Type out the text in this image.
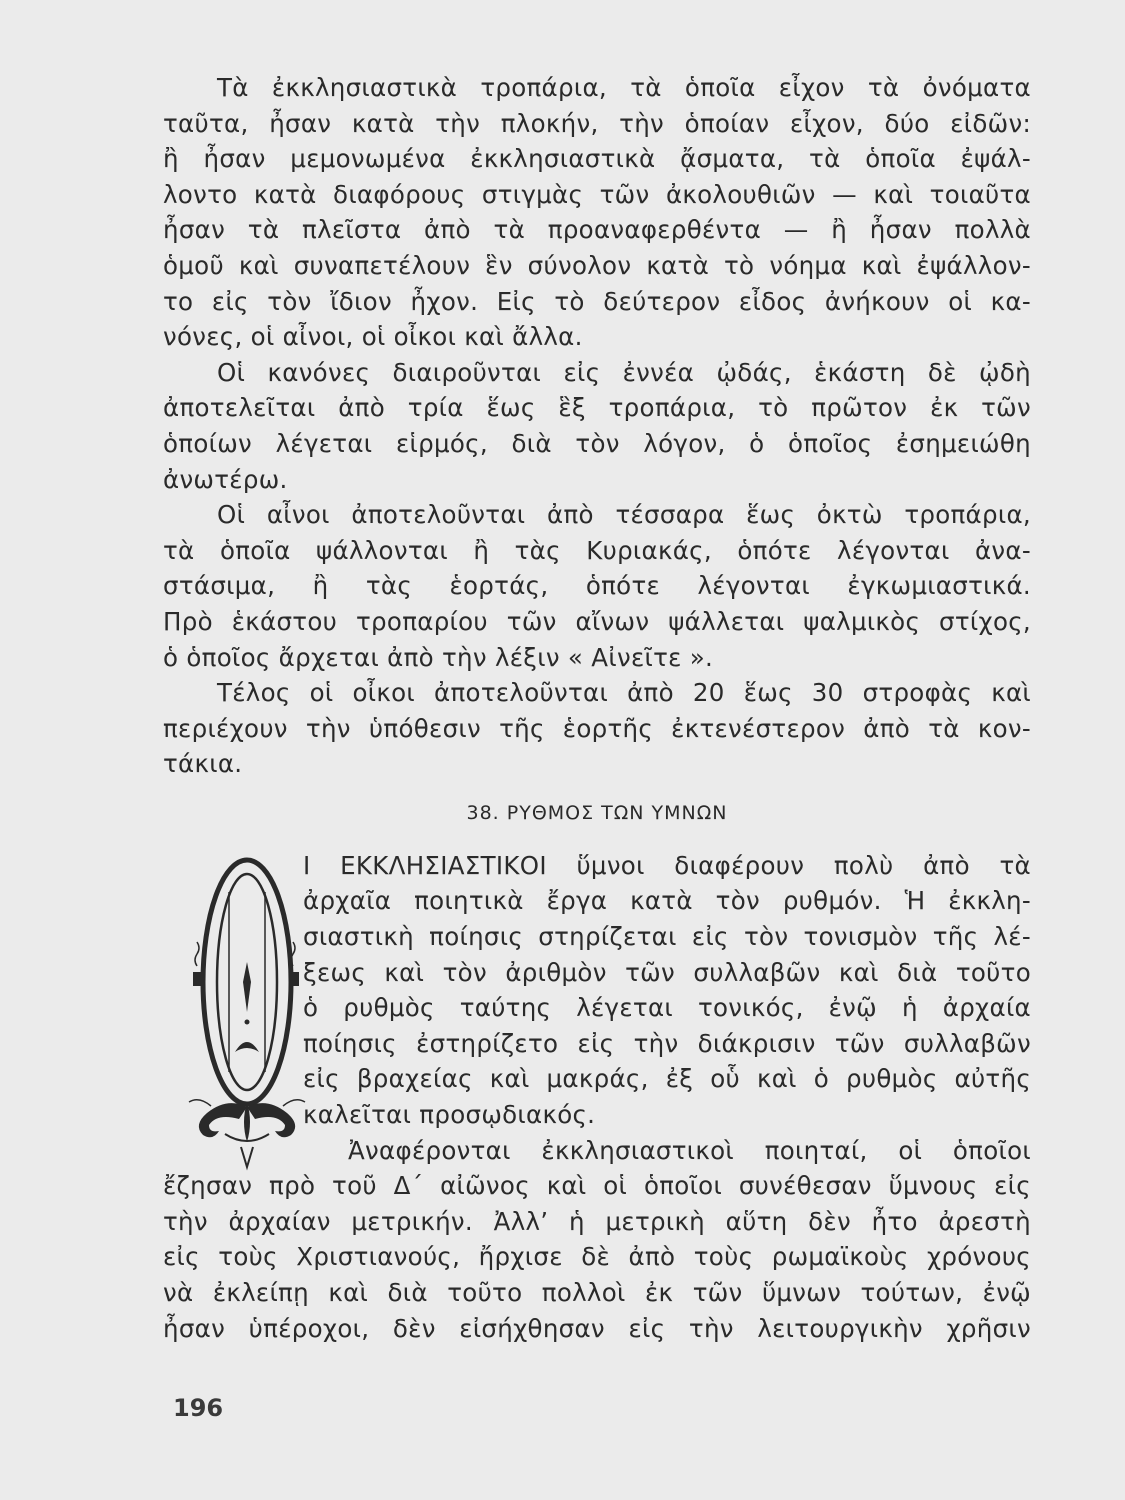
Τὰ ἐκκλησιαστικὰ τροπάρια, τὰ ὁποῖα εἶχον τὰ ὀνόματα
ταῦτα, ἦσαν κατὰ τὴν πλοκήν, τὴν ὁποίαν εἶχον, δύο εἰδῶν:
ἢ ἦσαν μεμονωμένα ἐκκλησιαστικὰ ᾄσματα, τὰ ὁποῖα ἐψάλ-
λοντο κατὰ διαφόρους στιγμὰς τῶν ἀκολουθιῶν — καὶ τοιαῦτα
ἦσαν τὰ πλεῖστα ἀπὸ τὰ προαναφερθέντα — ἢ ἦσαν πολλὰ
ὁμοῦ καὶ συναπετέλουν ἓν σύνολον κατὰ τὸ νόημα καὶ ἐψάλλον-
το εἰς τὸν ἴδιον ἦχον. Εἰς τὸ δεύτερον εἶδος ἀνήκουν οἱ κα-
νόνες, οἱ αἶνοι, οἱ οἶκοι καὶ ἄλλα.
Οἱ κανόνες διαιροῦνται εἰς ἐννέα ᾠδάς, ἑκάστη δὲ ᾠδὴ
ἀποτελεῖται ἀπὸ τρία ἕως ἓξ τροπάρια, τὸ πρῶτον ἐκ τῶν
ὁποίων λέγεται εἱρμός, διὰ τὸν λόγον, ὁ ὁποῖος ἐσημειώθη
ἀνωτέρω.
Οἱ αἶνοι ἀποτελοῦνται ἀπὸ τέσσαρα ἕως ὀκτὼ τροπάρια,
τὰ ὁποῖα ψάλλονται ἢ τὰς Κυριακάς, ὁπότε λέγονται ἀνα-
στάσιμα, ἢ τὰς ἑορτάς, ὁπότε λέγονται ἐγκωμιαστικά.
Πρὸ ἑκάστου τροπαρίου τῶν αἴνων ψάλλεται ψαλμικὸς στίχος,
ὁ ὁποῖος ἄρχεται ἀπὸ τὴν λέξιν « Αἰνεῖτε ».
Τέλος οἱ οἶκοι ἀποτελοῦνται ἀπὸ 20 ἕως 30 στροφὰς καὶ
περιέχουν τὴν ὑπόθεσιν τῆς ἑορτῆς ἐκτενέστερον ἀπὸ τὰ κον-
τάκια.
38. ΡΥΘΜΟΣ ΤΩΝ ΥΜΝΩΝ
Ι ΕΚΚΛΗΣΙΑΣΤΙΚΟΙ ὕμνοι διαφέρουν πολὺ ἀπὸ τὰ
ἀρχαῖα ποιητικὰ ἔργα κατὰ τὸν ρυθμόν. Ἡ ἐκκλη-
σιαστικὴ ποίησις στηρίζεται εἰς τὸν τονισμὸν τῆς λέ-
ξεως καὶ τὸν ἀριθμὸν τῶν συλλαβῶν καὶ διὰ τοῦτο
ὁ ρυθμὸς ταύτης λέγεται τονικός, ἐνῷ ἡ ἀρχαία
ποίησις ἐστηρίζετο εἰς τὴν διάκρισιν τῶν συλλαβῶν
εἰς βραχείας καὶ μακράς, ἐξ οὗ καὶ ὁ ρυθμὸς αὐτῆς
καλεῖται προσῳδιακός.
Ἀναφέρονται ἐκκλησιαστικοὶ ποιηταί, οἱ ὁποῖοι
ἔζησαν πρὸ τοῦ Δ´ αἰῶνος καὶ οἱ ὁποῖοι συνέθεσαν ὕμνους εἰς
τὴν ἀρχαίαν μετρικήν. Ἀλλ’ ἡ μετρικὴ αὕτη δὲν ἦτο ἀρεστὴ
εἰς τοὺς Χριστιανούς, ἤρχισε δὲ ἀπὸ τοὺς ρωμαϊκοὺς χρόνους
νὰ ἐκλείπῃ καὶ διὰ τοῦτο πολλοὶ ἐκ τῶν ὕμνων τούτων, ἐνῷ
ἦσαν ὑπέροχοι, δὲν εἰσήχθησαν εἰς τὴν λειτουργικὴν χρῆσιν
196
